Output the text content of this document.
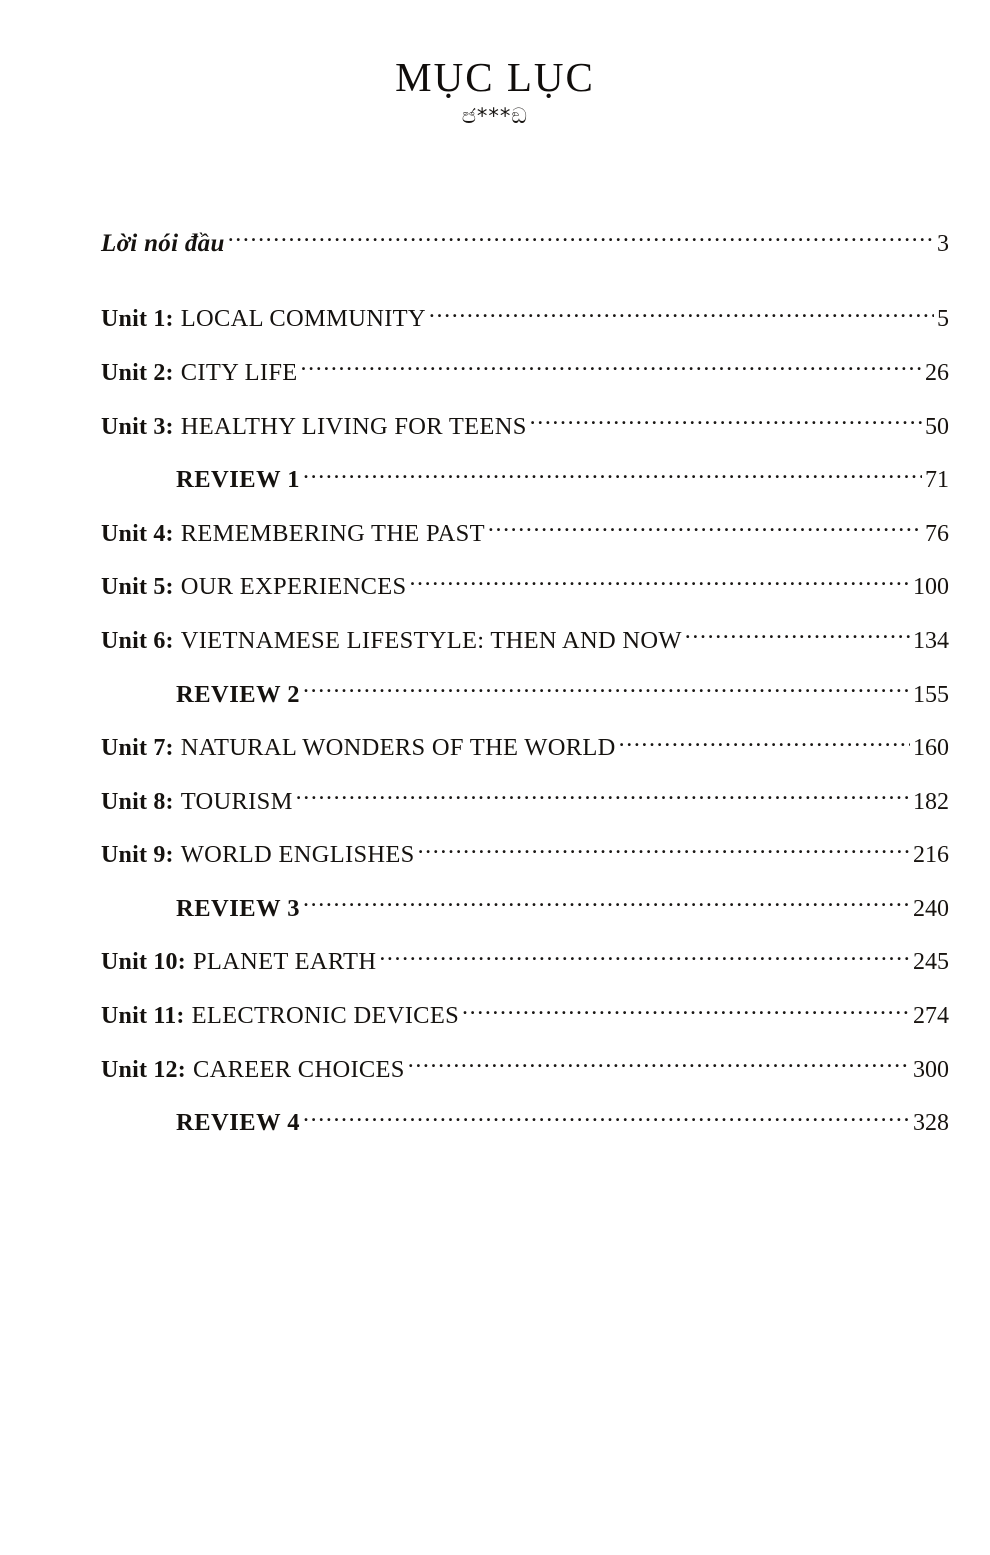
MỤC LỤC
෪***ඞ
Lời nói đầu .....	3
Unit 1: LOCAL COMMUNITY .....	5
Unit 2: CITY LIFE .....	26
Unit 3: HEALTHY LIVING FOR TEENS .....	50
REVIEW 1 .....	71
Unit 4: REMEMBERING THE PAST .....	76
Unit 5: OUR EXPERIENCES .....	100
Unit 6: VIETNAMESE LIFESTYLE: THEN AND NOW .....	134
REVIEW 2 .....	155
Unit 7: NATURAL WONDERS OF THE WORLD .....	160
Unit 8: TOURISM .....	182
Unit 9: WORLD ENGLISHES .....	216
REVIEW 3 .....	240
Unit 10: PLANET EARTH .....	245
Unit 11: ELECTRONIC DEVICES .....	274
Unit 12: CAREER CHOICES .....	300
REVIEW 4 .....	328
